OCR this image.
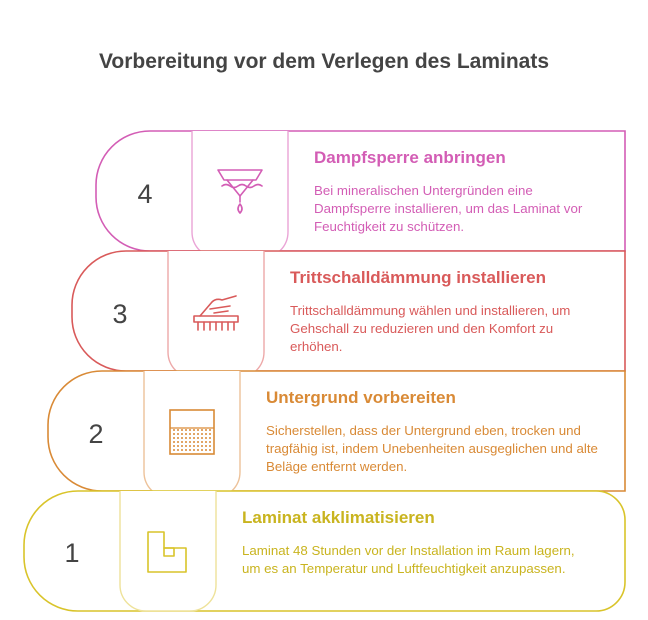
Vorbereitung vor dem Verlegen des Laminats
4
3
2
1

Dampfsperre anbringen

Bei mineralischen Untergründen eine Dampfsperre installieren, um das Laminat vor Feuchtigkeit zu schützen.

Trittschalldämmung installieren

Trittschalldämmung wählen und installieren, um Gehschall zu reduzieren und den Komfort zu erhöhen.

Untergrund vorbereiten

Sicherstellen, dass der Untergrund eben, trocken und tragfähig ist, indem Unebenheiten ausgeglichen und alte Beläge entfernt werden.

Laminat akklimatisieren

Laminat 48 Stunden vor der Installation im Raum lagern, um es an Temperatur und Luftfeuchtigkeit anzupassen.
